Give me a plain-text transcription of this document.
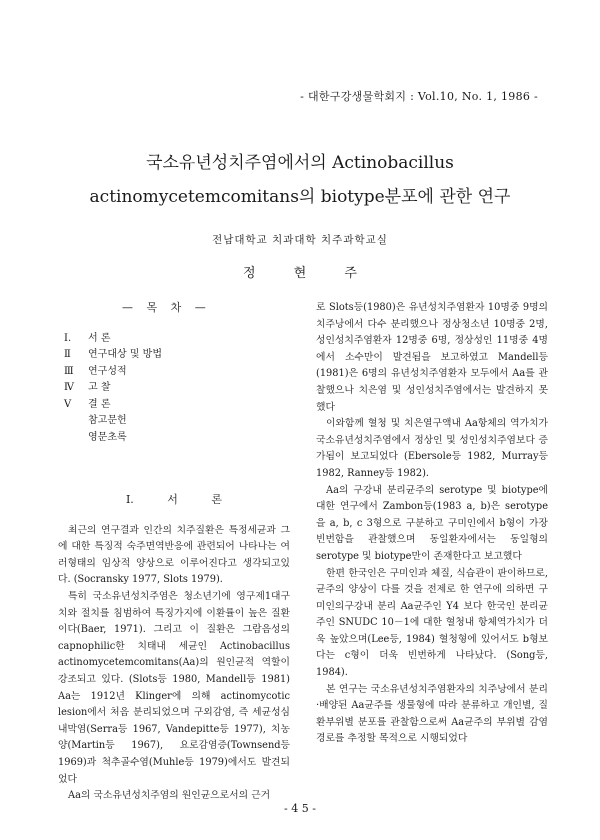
- 대한구강생물학회지 : Vol.10, No. 1, 1986 -
국소유년성치주염에서의 Actinobacillus
actinomycetemcomitans의 biotype분포에 관한 연구
전남대학교 치과대학 치주과학교실
정 현 주
— 목 차 —
Ⅰ.	서 론
Ⅱ	연구대상 및 방법
Ⅲ	연구성적
Ⅳ	고 찰
Ⅴ	결 론
참고문헌
영문초록
Ⅰ. 서 론

최근의 연구결과 인간의 치주질환은 특정세균과 그에 대한 특징적 숙주면역반응에 관련되어 나타나는 여러형태의 임상적 양상으로 이루어진다고 생각되고있다. (Socransky 1977, Slots 1979).

특히 국소유년성치주염은 청소년기에 영구제1대구치와 절치를 침범하여 특징가지에 이환률이 높은 질환이다(Baer, 1971). 그리고 이 질환은 그람음성의 capnophilic한 치태내 세균인 Actinobacillus actinomycetemcomitans(Aa)의 원인균적 역할이 강조되고 있다. (Slots등 1980, Mandell등 1981) Aa는 1912년 Klinger에 의해 actinomycotic lesion에서 처음 분리되었으며 구외감염, 즉 세균성심내막염(Serra등 1967, Vandepitte등 1977), 치농양(Martin등 1967), 요로감염증(Townsend등 1969)과 척추골수염(Muhle등 1979)에서도 발견되었다

Aa의 국소유년성치주염의 원인균으로서의 근거

로 Slots등(1980)은 유년성치주염환자 10명중 9명의 치주낭에서 다수 분리했으나 정상청소년 10명중 2명, 성인성치주염환자 12명중 6명, 정상성인 11명중 4명에서 소수만이 발견됨을 보고하였고 Mandell등(1981)은 6명의 유년성치주염환자 모두에서 Aa를 관찰했으나 치은염 및 성인성치주염에서는 발견하지 못했다

이와함께 혈청 및 치은열구액내 Aa항체의 역가치가 국소유년성치주염에서 정상인 및 성인성치주염보다 증가됨이 보고되었다 (Ebersole등 1982, Murray등 1982, Ranney등 1982).

Aa의 구강내 분리균주의 serotype 및 biotype에 대한 연구에서 Zambon등(1983 a, b)은 serotype 을 a, b, c 3형으로 구분하고 구미인에서 b형이 가장 빈번함을 관찰했으며 동일환자에서는 동일형의 serotype 및 biotype만이 존재한다고 보고했다

한편 한국인은 구미인과 체질, 식습관이 판이하므로, 균주의 양상이 다를 것을 전제로 한 연구에 의하면 구미인의구강내 분리 Aa균주인 Y4 보다 한국인 분리균주인 SNUDC 10－1에 대한 혈청내 항체역가치가 더욱 높았으며(Lee등, 1984) 혈청형에 있어서도 b형보다는 c형이 더욱 빈번하게 나타났다. (Song등, 1984).

본 연구는 국소유년성치주염환자의 치주낭에서 분리·배양된 Aa균주를 생물형에 따라 분류하고 개인별, 질환부위별 분포를 관찰함으로써 Aa균주의 부위별 감염경로를 추정할 목적으로 시행되었다

- 4 5 -
